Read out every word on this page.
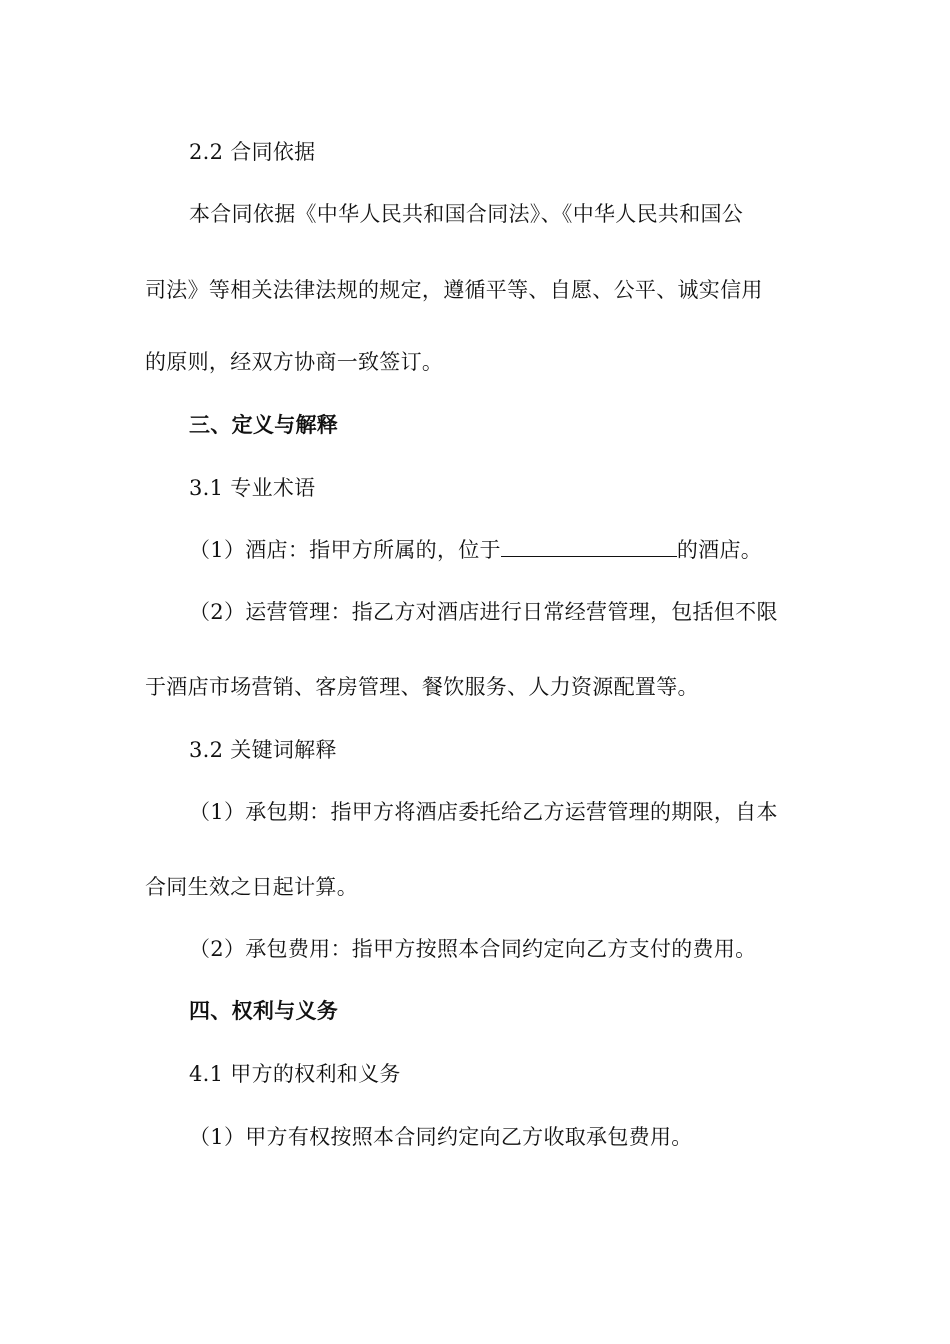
2.2 合同依据
本合同依据《中华人民共和国合同法》、《中华人民共和国公
司法》等相关法律法规的规定，遵循平等、自愿、公平、诚实信用
的原则，经双方协商一致签订。
三、定义与解释
3.1 专业术语
（1）酒店：指甲方所属的，位于	的酒店。
（2）运营管理：指乙方对酒店进行日常经营管理，包括但不限
于酒店市场营销、客房管理、餐饮服务、人力资源配置等。
3.2 关键词解释
（1）承包期：指甲方将酒店委托给乙方运营管理的期限，自本
合同生效之日起计算。
（2）承包费用：指甲方按照本合同约定向乙方支付的费用。
四、权利与义务
4.1 甲方的权利和义务
（1）甲方有权按照本合同约定向乙方收取承包费用。
